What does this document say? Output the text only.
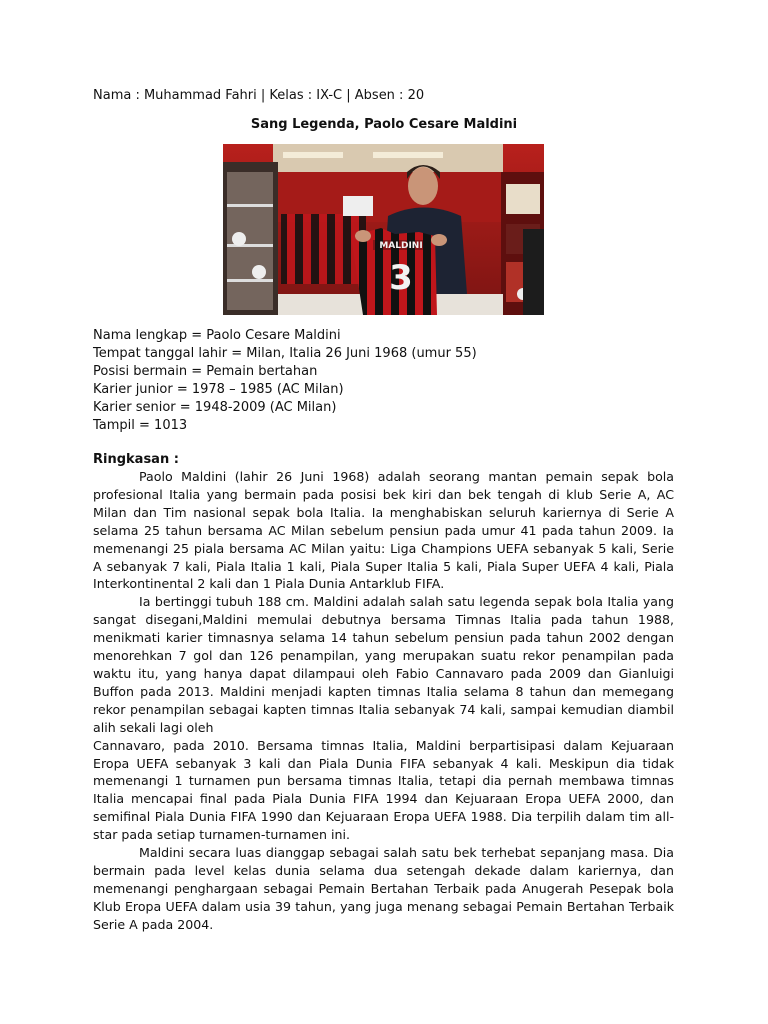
Nama : Muhammad Fahri | Kelas : IX-C | Absen : 20
Sang Legenda, Paolo Cesare Maldini
MALDINI
3
Nama lengkap = Paolo Cesare Maldini
Tempat tanggal lahir = Milan, Italia 26 Juni 1968 (umur 55)
Posisi bermain = Pemain bertahan
Karier junior = 1978 – 1985 (AC Milan)
Karier senior = 1948-2009 (AC Milan)
Tampil = 1013
Ringkasan :

Paolo Maldini (lahir 26 Juni 1968) adalah seorang mantan pemain sepak bola profesional Italia yang bermain pada posisi bek kiri dan bek tengah di klub Serie A, AC Milan dan Tim nasional sepak bola Italia. Ia menghabiskan seluruh kariernya di Serie A selama 25 tahun bersama AC Milan sebelum pensiun pada umur 41 pada tahun 2009. Ia memenangi 25 piala bersama AC Milan yaitu: Liga Champions UEFA sebanyak 5 kali, Serie A sebanyak 7 kali, Piala Italia 1 kali, Piala Super Italia 5 kali, Piala Super UEFA 4 kali, Piala Interkontinental 2 kali dan 1 Piala Dunia Antarklub FIFA.

Ia bertinggi tubuh 188 cm. Maldini adalah salah satu legenda sepak bola Italia yang sangat disegani,Maldini memulai debutnya bersama Timnas Italia pada tahun 1988, menikmati karier timnasnya selama 14 tahun sebelum pensiun pada tahun 2002 dengan menorehkan 7 gol dan 126 penampilan, yang merupakan suatu rekor penampilan pada waktu itu, yang hanya dapat dilampaui oleh Fabio Cannavaro pada 2009 dan Gianluigi Buffon pada 2013. Maldini menjadi kapten timnas Italia selama 8 tahun dan memegang rekor penampilan sebagai kapten timnas Italia sebanyak 74 kali, sampai kemudian diambil alih sekali lagi oleh

Cannavaro, pada 2010. Bersama timnas Italia, Maldini berpartisipasi dalam Kejuaraan Eropa UEFA sebanyak 3 kali dan Piala Dunia FIFA sebanyak 4 kali. Meskipun dia tidak memenangi 1 turnamen pun bersama timnas Italia, tetapi dia pernah membawa timnas Italia mencapai final pada Piala Dunia FIFA 1994 dan Kejuaraan Eropa UEFA 2000, dan semifinal Piala Dunia FIFA 1990 dan Kejuaraan Eropa UEFA 1988. Dia terpilih dalam tim all-star pada setiap turnamen-turnamen ini.

Maldini secara luas dianggap sebagai salah satu bek terhebat sepanjang masa. Dia bermain pada level kelas dunia selama dua setengah dekade dalam kariernya, dan memenangi penghargaan sebagai Pemain Bertahan Terbaik pada Anugerah Pesepak bola Klub Eropa UEFA dalam usia 39 tahun, yang juga menang sebagai Pemain Bertahan Terbaik Serie A pada 2004.
